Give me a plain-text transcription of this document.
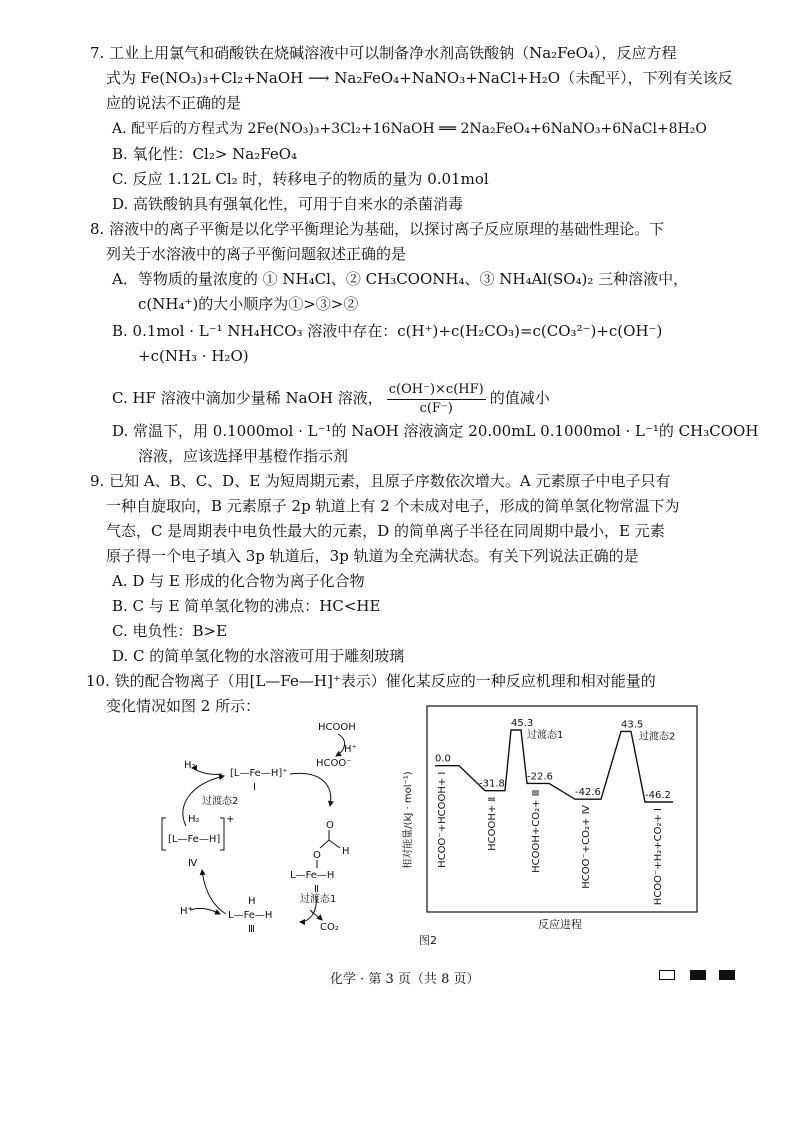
7. 工业上用氯气和硝酸铁在烧碱溶液中可以制备净水剂高铁酸钠（Na₂FeO₄），反应方程
式为 Fe(NO₃)₃+Cl₂+NaOH ⟶ Na₂FeO₄+NaNO₃+NaCl+H₂O（未配平），下列有关该反
应的说法不正确的是
A. 配平后的方程式为 2Fe(NO₃)₃+3Cl₂+16NaOH ══ 2Na₂FeO₄+6NaNO₃+6NaCl+8H₂O
B. 氧化性：Cl₂> Na₂FeO₄
C. 反应 1.12L Cl₂ 时，转移电子的物质的量为 0.01mol
D. 高铁酸钠具有强氧化性，可用于自来水的杀菌消毒
8. 溶液中的离子平衡是以化学平衡理论为基础，以探讨离子反应原理的基础性理论。下
列关于水溶液中的离子平衡问题叙述正确的是
A．等物质的量浓度的 ① NH₄Cl、② CH₃COONH₄、③ NH₄Al(SO₄)₂ 三种溶液中，
c(NH₄⁺)的大小顺序为①>③>②
B. 0.1mol · L⁻¹ NH₄HCO₃ 溶液中存在：c(H⁺)+c(H₂CO₃)=c(CO₃²⁻)+c(OH⁻)
+c(NH₃ · H₂O)
C. HF 溶液中滴加少量稀 NaOH 溶液， $\frac{c(OH^-)\times c(HF)}{c(F^-)}$ 的值减小
D. 常温下，用 0.1000mol · L⁻¹的 NaOH 溶液滴定 20.00mL 0.1000mol · L⁻¹的 CH₃COOH
溶液，应该选择甲基橙作指示剂
9. 已知 A、B、C、D、E 为短周期元素，且原子序数依次增大。A 元素原子中电子只有
一种自旋取向，B 元素原子 2p 轨道上有 2 个未成对电子，形成的简单氢化物常温下为
气态，C 是周期表中电负性最大的元素，D 的简单离子半径在同周期中最小，E 元素
原子得一个电子填入 3p 轨道后，3p 轨道为全充满状态。有关下列说法正确的是
A. D 与 E 形成的化合物为离子化合物
B. C 与 E 简单氢化物的沸点：HC<HE
C. 电负性：B>E
D. C 的简单氢化物的水溶液可用于雕刻玻璃
10. 铁的配合物离子（用[L—Fe—H]⁺表示）催化某反应的一种反应机理和相对能量的
变化情况如图 2 所示：
HCOOH
H⁺
HCOO⁻
[L—Fe—H]⁺
I
H₂
过渡态2
H₂
[L—Fe—H]
+
Ⅳ
O
H
O
L—Fe—H
Ⅱ
过渡态1
H
L—Fe—H
Ⅲ	CO₂
H⁺
相对能量/(kJ · mol⁻¹)
0.0
-31.8
45.3
-22.6
-42.6
43.5
-46.2
过渡态1	过渡态2
HCOO⁻+HCOOH+ I	HCOOH+ Ⅱ	HCOOH+CO₂+ Ⅲ	HCOO⁻+CO₂+ Ⅳ	HCOO⁻+H₂+CO₂+ I
反应进程
图2
化学 · 第 3 页（共 8 页）
